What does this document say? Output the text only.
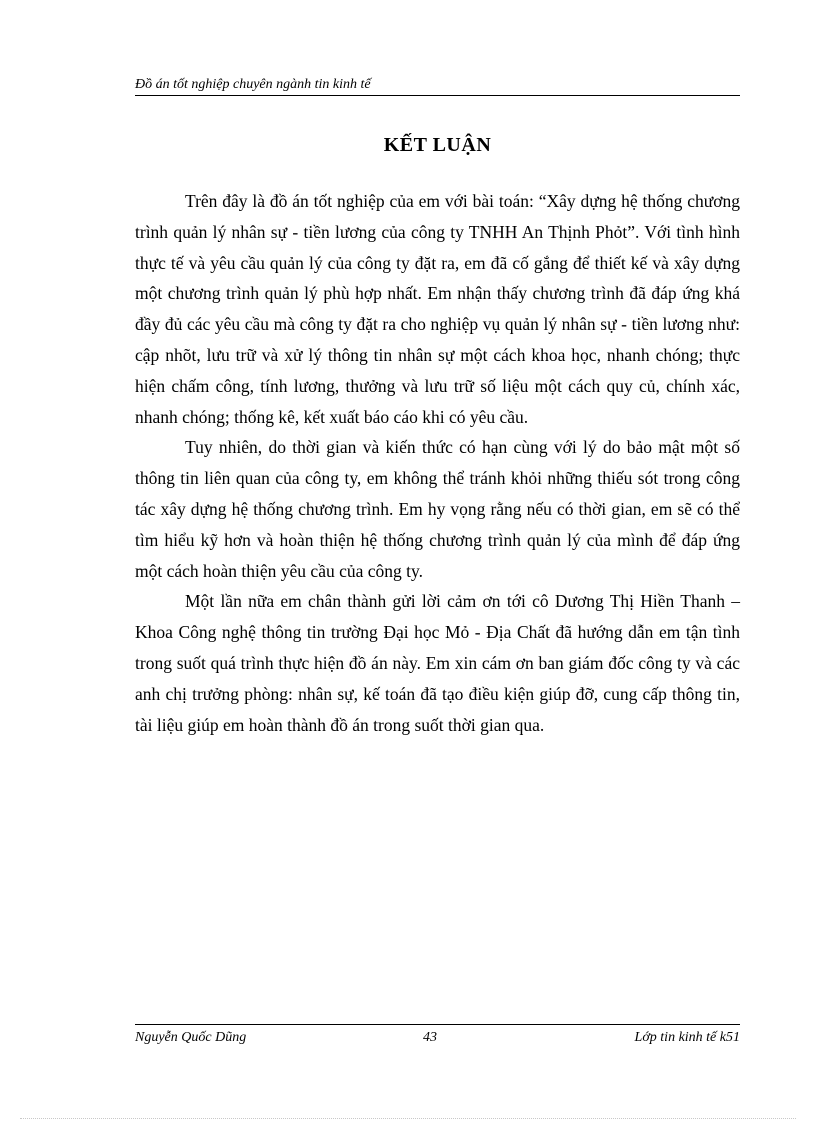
Đồ án tốt nghiệp chuyên ngành tin kinh tế
KẾT LUẬN

Trên đây là đồ án tốt nghiệp của em với bài toán: “Xây dựng hệ thống chương trình quản lý nhân sự - tiền lương của công ty TNHH An Thịnh Phỏt”. Với tình hình thực tế và yêu cầu quản lý của công ty đặt ra, em đã cố gắng để thiết kế và xây dựng một chương trình quản lý phù hợp nhất. Em nhận thấy chương trình đã đáp ứng khá đầy đủ các yêu cầu mà công ty đặt ra cho nghiệp vụ quản lý nhân sự - tiền lương như: cập nhõt, lưu trữ và xử lý thông tin nhân sự một cách khoa học, nhanh chóng; thực hiện chấm công, tính lương, thưởng và lưu trữ số liệu một cách quy củ, chính xác, nhanh chóng; thống kê, kết xuất báo cáo khi có yêu cầu.

Tuy nhiên, do thời gian và kiến thức có hạn cùng với lý do bảo mật một số thông tin liên quan của công ty, em không thể tránh khỏi những thiếu sót trong công tác xây dựng hệ thống chương trình. Em hy vọng rằng nếu có thời gian, em sẽ có thể tìm hiểu kỹ hơn và hoàn thiện hệ thống chương trình quản lý của mình để đáp ứng một cách hoàn thiện yêu cầu của công ty.

Một lần nữa em chân thành gửi lời cảm ơn tới cô Dương Thị Hiền Thanh – Khoa Công nghệ thông tin trường Đại học Mỏ - Địa Chất đã hướng dẫn em tận tình trong suốt quá trình thực hiện đồ án này. Em xin cám ơn ban giám đốc công ty và các anh chị trưởng phòng: nhân sự, kế toán đã tạo điều kiện giúp đỡ, cung cấp thông tin, tài liệu giúp em hoàn thành đồ án trong suốt thời gian qua.

Nguyễn Quốc Dũng	43	Lớp tin kinh tế k51
